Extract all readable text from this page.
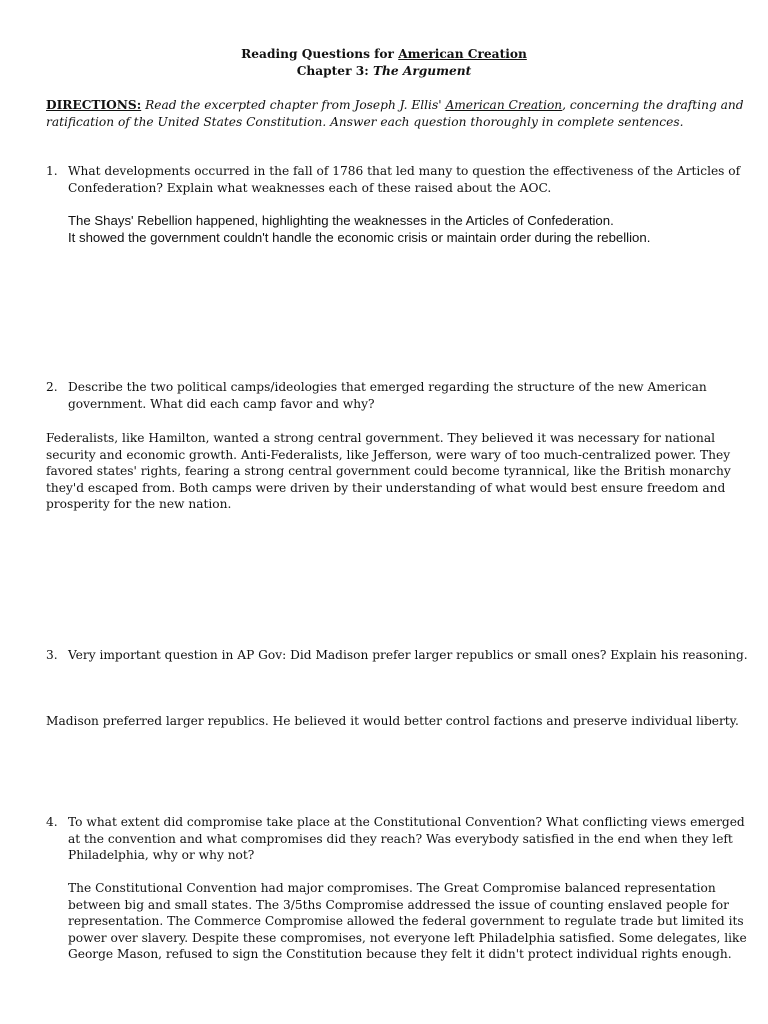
Reading Questions for American Creation
Chapter 3: The Argument
DIRECTIONS: Read the excerpted chapter from Joseph J. Ellis' American Creation, concerning the drafting and
ratification of the United States Constitution. Answer each question thoroughly in complete sentences.
1. What developments occurred in the fall of 1786 that led many to question the effectiveness of the Articles of
Confederation? Explain what weaknesses each of these raised about the AOC.
The Shays' Rebellion happened, highlighting the weaknesses in the Articles of Confederation.
It showed the government couldn't handle the economic crisis or maintain order during the rebellion.
2. Describe the two political camps/ideologies that emerged regarding the structure of the new American
government. What did each camp favor and why?
Federalists, like Hamilton, wanted a strong central government. They believed it was necessary for national
security and economic growth. Anti-Federalists, like Jefferson, were wary of too much-centralized power. They
favored states' rights, fearing a strong central government could become tyrannical, like the British monarchy
they'd escaped from. Both camps were driven by their understanding of what would best ensure freedom and
prosperity for the new nation.
3. Very important question in AP Gov: Did Madison prefer larger republics or small ones? Explain his reasoning.
Madison preferred larger republics. He believed it would better control factions and preserve individual liberty.
4. To what extent did compromise take place at the Constitutional Convention? What conflicting views emerged
at the convention and what compromises did they reach? Was everybody satisfied in the end when they left
Philadelphia, why or why not?
The Constitutional Convention had major compromises. The Great Compromise balanced representation
between big and small states. The 3/5ths Compromise addressed the issue of counting enslaved people for
representation. The Commerce Compromise allowed the federal government to regulate trade but limited its
power over slavery. Despite these compromises, not everyone left Philadelphia satisfied. Some delegates, like
George Mason, refused to sign the Constitution because they felt it didn't protect individual rights enough.
